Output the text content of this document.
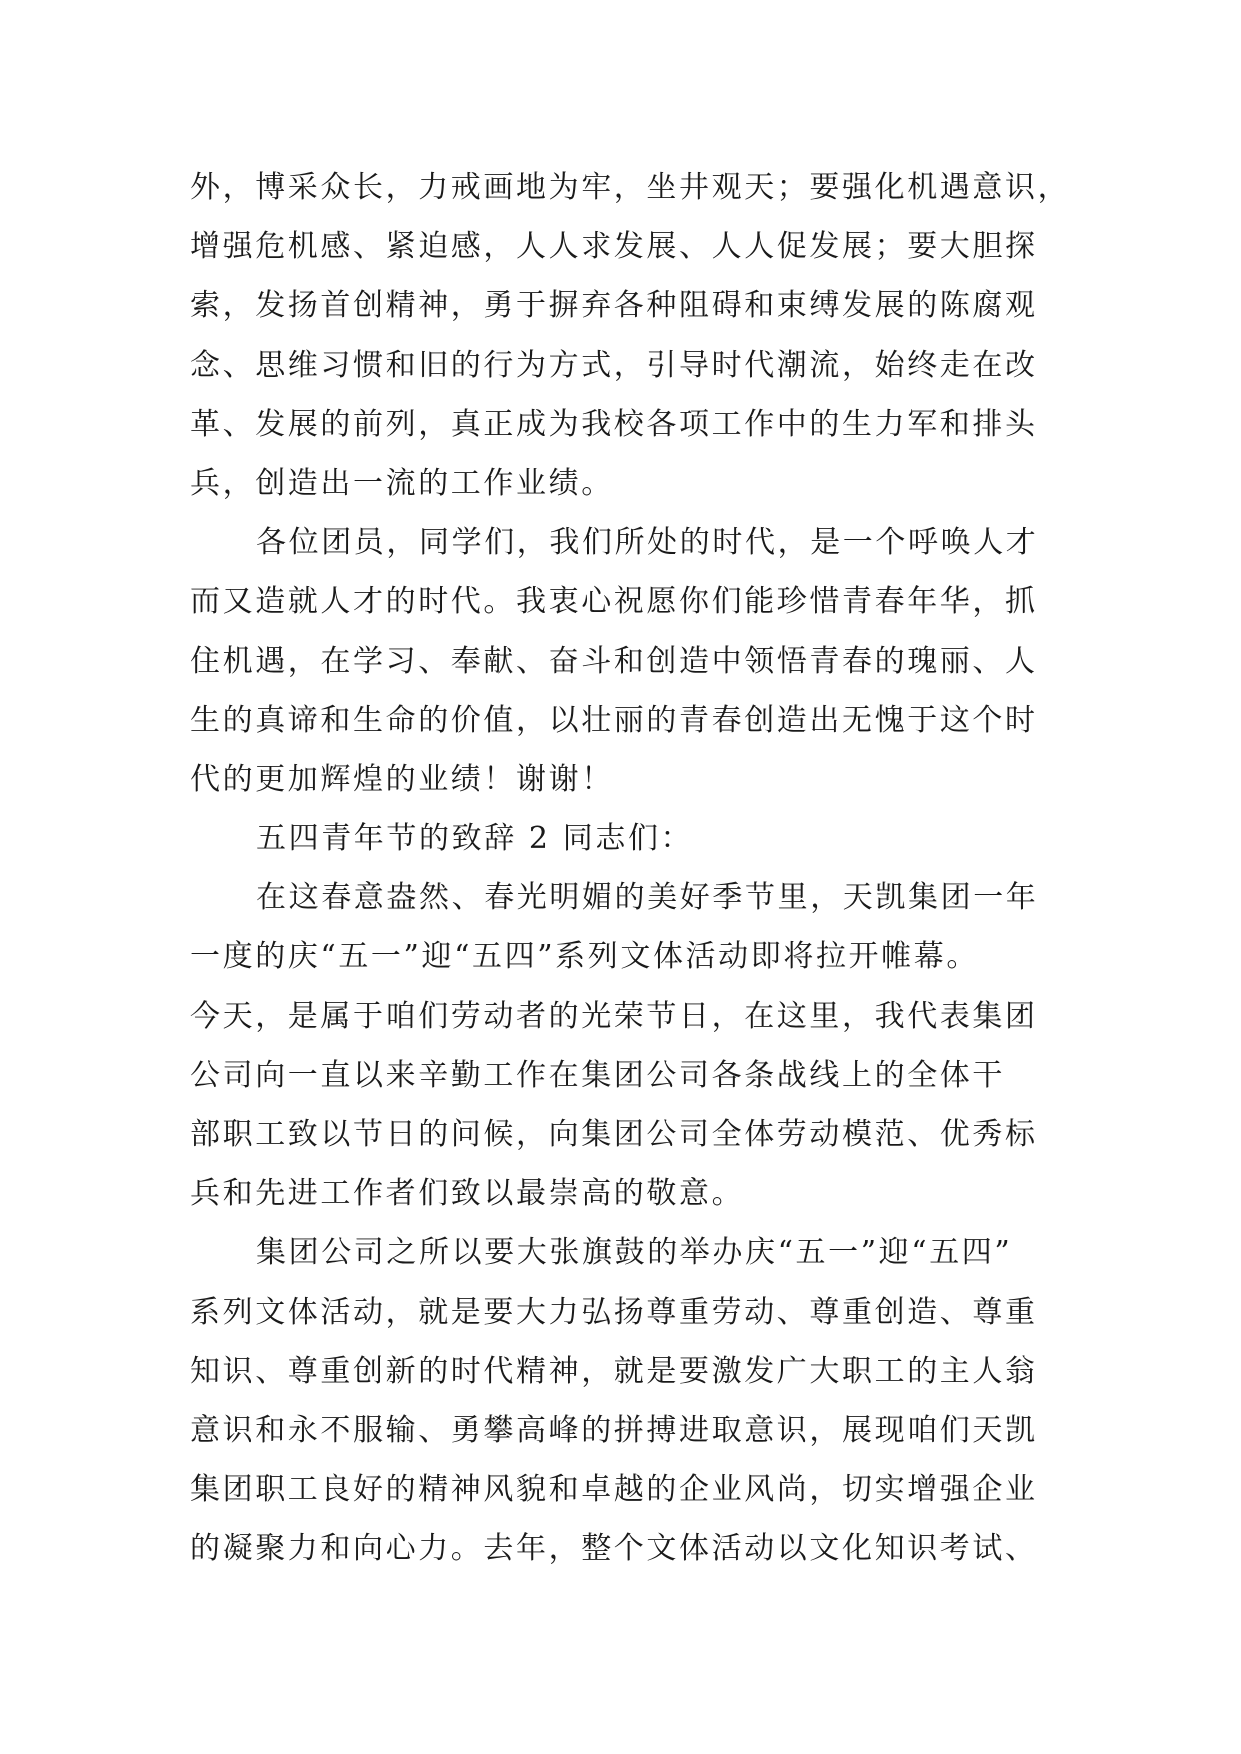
外，博采众长，力戒画地为牢，坐井观天；要强化机遇意识，
增强危机感、紧迫感，人人求发展、人人促发展；要大胆探
索，发扬首创精神，勇于摒弃各种阻碍和束缚发展的陈腐观
念、思维习惯和旧的行为方式，引导时代潮流，始终走在改
革、发展的前列，真正成为我校各项工作中的生力军和排头
兵，创造出一流的工作业绩。
各位团员，同学们，我们所处的时代，是一个呼唤人才
而又造就人才的时代。我衷心祝愿你们能珍惜青春年华，抓
住机遇，在学习、奉献、奋斗和创造中领悟青春的瑰丽、人
生的真谛和生命的价值，以壮丽的青春创造出无愧于这个时
代的更加辉煌的业绩！谢谢！
五四青年节的致辞 2 同志们：
在这春意盎然、春光明媚的美好季节里，天凯集团一年
一度的庆“五一”迎“五四”系列文体活动即将拉开帷幕。
今天，是属于咱们劳动者的光荣节日，在这里，我代表集团
公司向一直以来辛勤工作在集团公司各条战线上的全体干
部职工致以节日的问候，向集团公司全体劳动模范、优秀标
兵和先进工作者们致以最崇高的敬意。
集团公司之所以要大张旗鼓的举办庆“五一”迎“五四”
系列文体活动，就是要大力弘扬尊重劳动、尊重创造、尊重
知识、尊重创新的时代精神，就是要激发广大职工的主人翁
意识和永不服输、勇攀高峰的拼搏进取意识，展现咱们天凯
集团职工良好的精神风貌和卓越的企业风尚，切实增强企业
的凝聚力和向心力。去年，整个文体活动以文化知识考试、
